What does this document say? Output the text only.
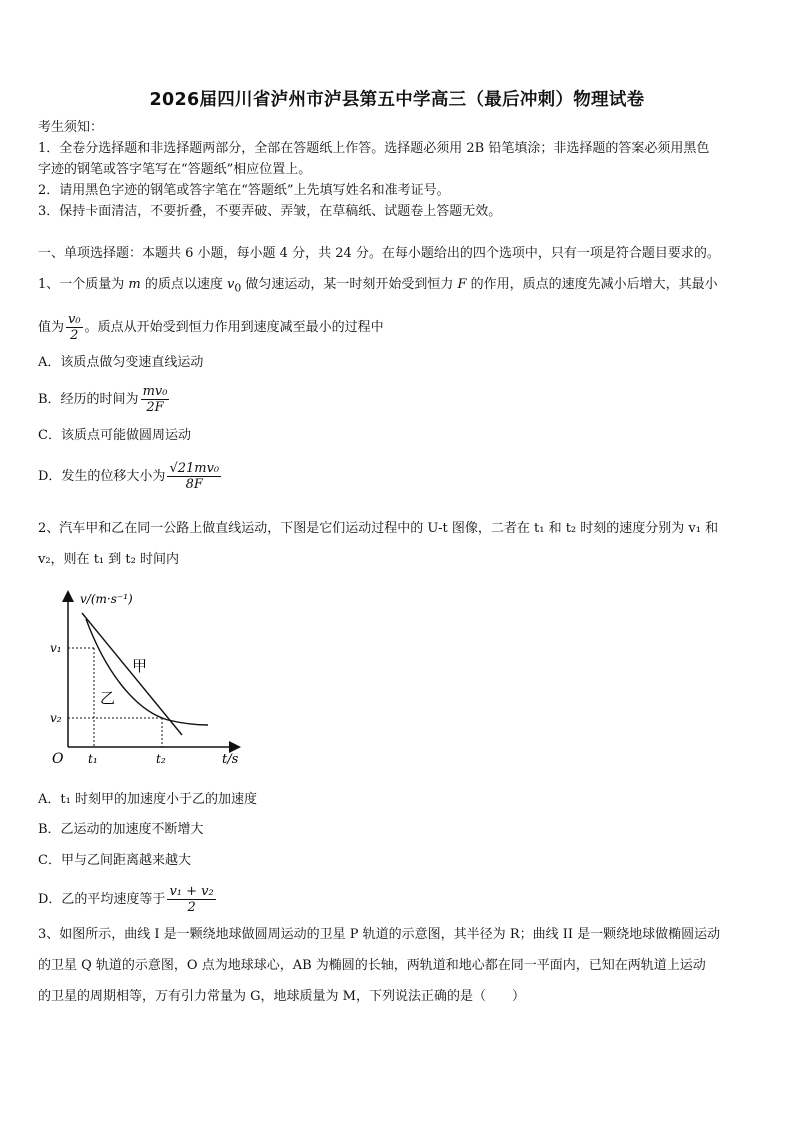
2026届四川省泸州市泸县第五中学高三（最后冲刺）物理试卷
考生须知：
1．全卷分选择题和非选择题两部分，全部在答题纸上作答。选择题必须用 2B 铅笔填涂；非选择题的答案必须用黑色
字迹的钢笔或答字笔写在“答题纸”相应位置上。
2．请用黑色字迹的钢笔或答字笔在“答题纸”上先填写姓名和准考证号。
3．保持卡面清洁，不要折叠，不要弄破、弄皱，在草稿纸、试题卷上答题无效。
一、单项选择题：本题共 6 小题，每小题 4 分，共 24 分。在每小题给出的四个选项中，只有一项是符合题目要求的。
1、一个质量为 m 的质点以速度 $v_0$ 做匀速运动，某一时刻开始受到恒力 F 的作用，质点的速度先减小后增大，其最小
值为 $\frac{\text{v₀}}{2}$ 。质点从开始受到恒力作用到速度减至最小的过程中
A．该质点做匀变速直线运动
B．经历的时间为 $\frac{\text{mv₀}}{2F}$
C．该质点可能做圆周运动
D．发生的位移大小为 $\frac{\text{√21mv₀}}{8F}$
2、汽车甲和乙在同一公路上做直线运动，下图是它们运动过程中的 U-t 图像，二者在 t₁ 和 t₂ 时刻的速度分别为 v₁ 和
v₂，则在 t₁ 到 t₂ 时间内
v/(m·s⁻¹)
t/s
O
v₁
v₂
t₁	t₂
甲
乙
A．t₁ 时刻甲的加速度小于乙的加速度
B．乙运动的加速度不断增大
C．甲与乙间距离越来越大
D．乙的平均速度等于 $\frac{\text{v₁ + v₂}}{2}$
3、如图所示，曲线 I 是一颗绕地球做圆周运动的卫星 P 轨道的示意图，其半径为 R；曲线 II 是一颗绕地球做椭圆运动
的卫星 Q 轨道的示意图，O 点为地球球心，AB 为椭圆的长轴，两轨道和地心都在同一平面内，已知在两轨道上运动
的卫星的周期相等，万有引力常量为 G，地球质量为 M，下列说法正确的是（　　）
